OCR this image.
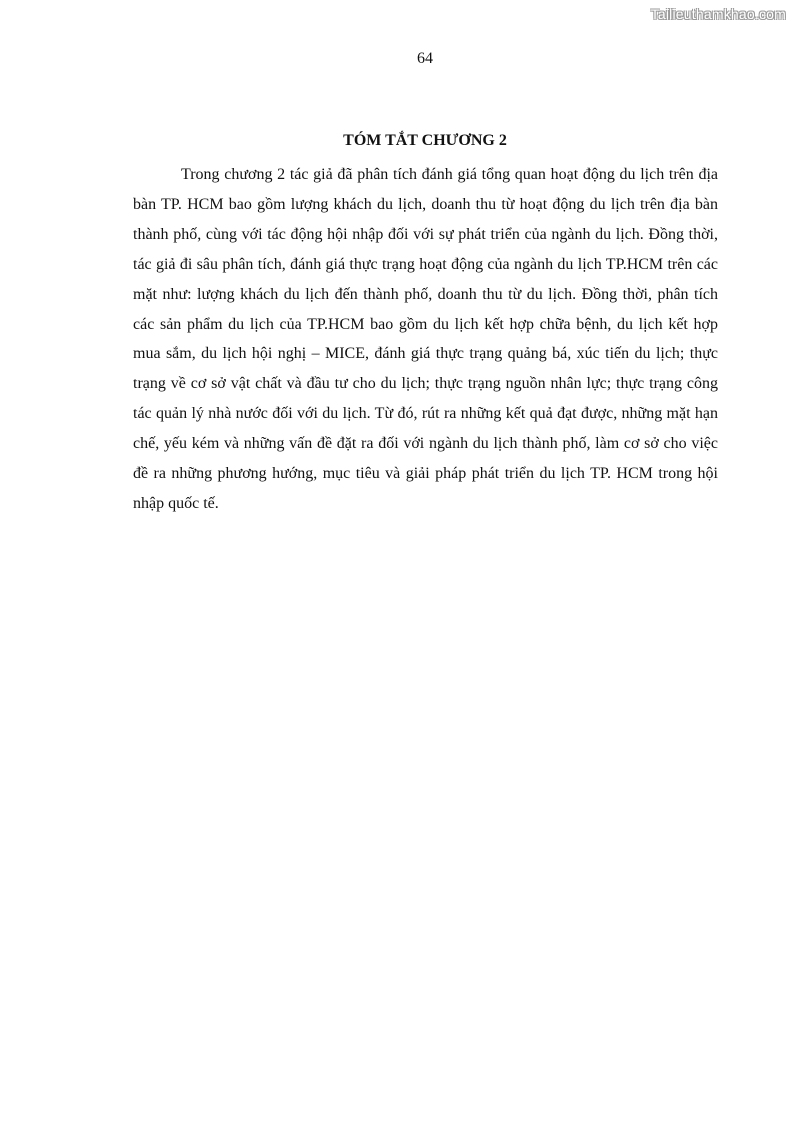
Tailieuthamkhao.com
64
TÓM TẮT CHƯƠNG 2

Trong chương 2 tác giả đã phân tích đánh giá tổng quan hoạt động du lịch trên địa bàn TP. HCM bao gồm lượng khách du lịch, doanh thu từ hoạt động du lịch trên địa bàn thành phố, cùng với tác động hội nhập đối với sự phát triển của ngành du lịch. Đồng thời, tác giả đi sâu phân tích, đánh giá thực trạng hoạt động của ngành du lịch TP.HCM trên các mặt như: lượng khách du lịch đến thành phố, doanh thu từ du lịch. Đồng thời, phân tích các sản phẩm du lịch của TP.HCM bao gồm du lịch kết hợp chữa bệnh, du lịch kết hợp mua sắm, du lịch hội nghị – MICE, đánh giá thực trạng quảng bá, xúc tiến du lịch; thực trạng về cơ sở vật chất và đầu tư cho du lịch; thực trạng nguồn nhân lực; thực trạng công tác quản lý nhà nước đối với du lịch. Từ đó, rút ra những kết quả đạt được, những mặt hạn chế, yếu kém và những vấn đề đặt ra đối với ngành du lịch thành phố, làm cơ sở cho việc đề ra những phương hướng, mục tiêu và giải pháp phát triển du lịch TP. HCM trong hội nhập quốc tế.
